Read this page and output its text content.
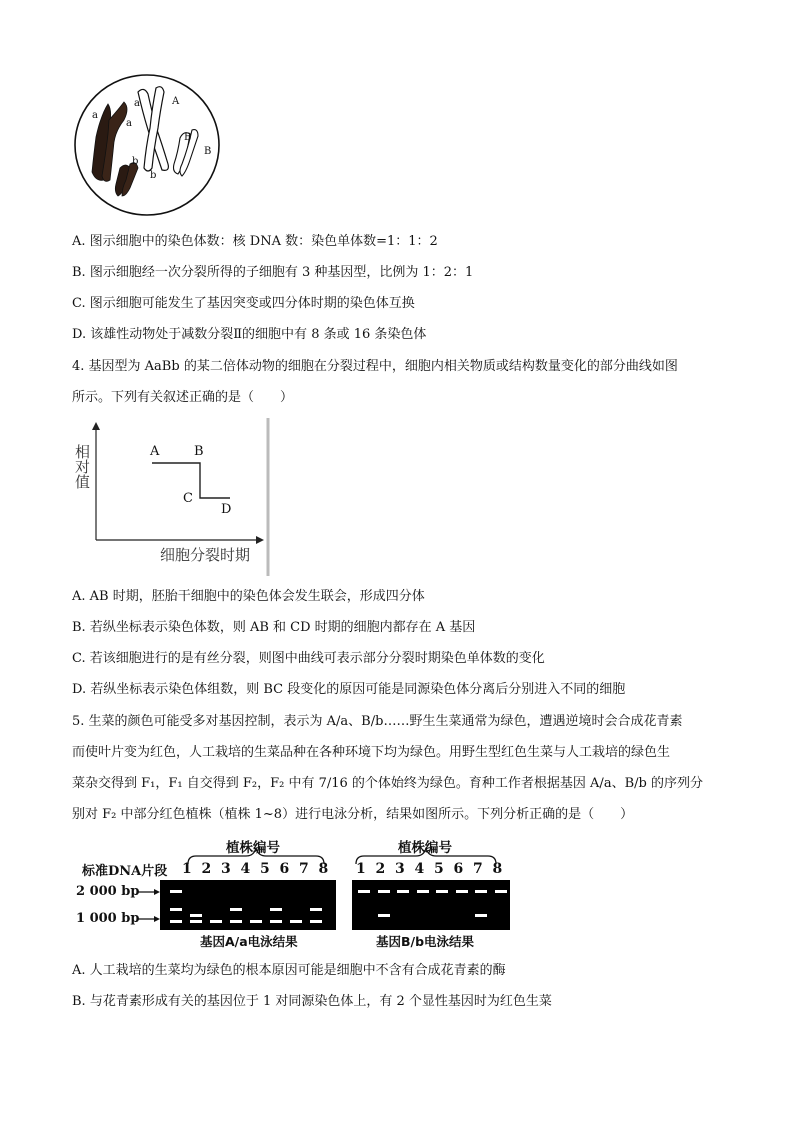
a
a
a
A
B
B
b
b
A. 图示细胞中的染色体数：核 DNA 数：染色单体数=1：1：2
B. 图示细胞经一次分裂所得的子细胞有 3 种基因型，比例为 1：2：1
C. 图示细胞可能发生了基因突变或四分体时期的染色体互换
D. 该雄性动物处于减数分裂Ⅱ的细胞中有 8 条或 16 条染色体
4. 基因型为 AaBb 的某二倍体动物的细胞在分裂过程中，细胞内相关物质或结构数量变化的部分曲线如图
所示。下列有关叙述正确的是（　　）
相对值
细胞分裂时期
A	B
C
D
A. AB 时期，胚胎干细胞中的染色体会发生联会，形成四分体
B. 若纵坐标表示染色体数，则 AB 和 CD 时期的细胞内都存在 A 基因
C. 若该细胞进行的是有丝分裂，则图中曲线可表示部分分裂时期染色单体数的变化
D. 若纵坐标表示染色体组数，则 BC 段变化的原因可能是同源染色体分离后分别进入不同的细胞
5. 生菜的颜色可能受多对基因控制，表示为 A/a、B/b……野生生菜通常为绿色，遭遇逆境时会合成花青素
而使叶片变为红色，人工栽培的生菜品种在各种环境下均为绿色。用野生型红色生菜与人工栽培的绿色生
菜杂交得到 F₁，F₁ 自交得到 F₂，F₂ 中有 7/16 的个体始终为绿色。育种工作者根据基因 A/a、B/b 的序列分
别对 F₂ 中部分红色植株（植株 1~8）进行电泳分析，结果如图所示。下列分析正确的是（　　）
植株编号	植株编号
标准DNA片段
2 000 bp
1 000 bp
1 2 3 4 5 6 7 8 1 2 3 4 5 6 7 8
基因A/a电泳结果	基因B/b电泳结果
A. 人工栽培的生菜均为绿色的根本原因可能是细胞中不含有合成花青素的酶
B. 与花青素形成有关的基因位于 1 对同源染色体上，有 2 个显性基因时为红色生菜
